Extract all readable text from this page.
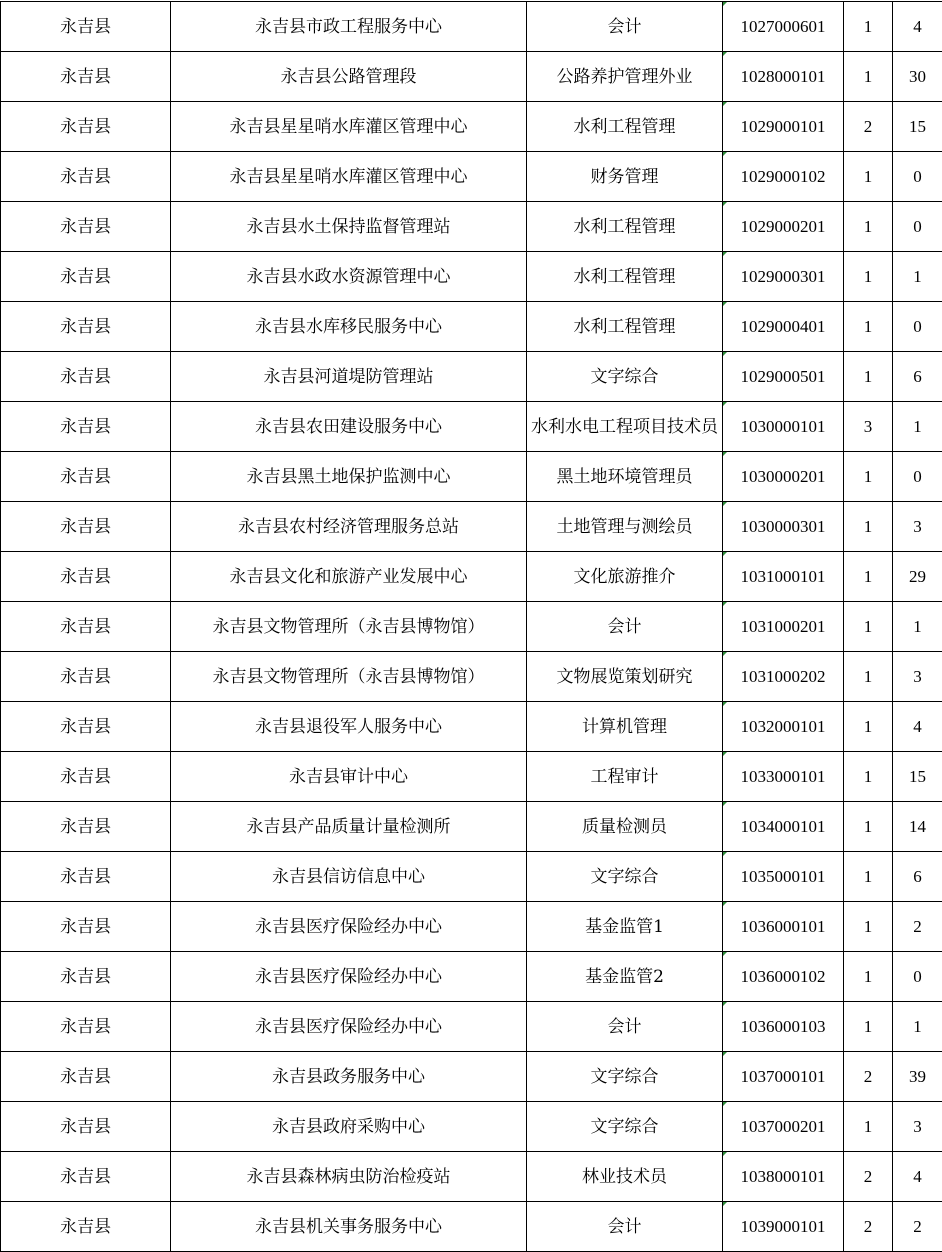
永吉县	永吉县市政工程服务中心	会计	1027000601	1	4
永吉县	永吉县公路管理段	公路养护管理外业	1028000101	1	30
永吉县	永吉县星星哨水库灌区管理中心	水利工程管理	1029000101	2	15
永吉县	永吉县星星哨水库灌区管理中心	财务管理	1029000102	1	0
永吉县	永吉县水土保持监督管理站	水利工程管理	1029000201	1	0
永吉县	永吉县水政水资源管理中心	水利工程管理	1029000301	1	1
永吉县	永吉县水库移民服务中心	水利工程管理	1029000401	1	0
永吉县	永吉县河道堤防管理站	文字综合	1029000501	1	6
永吉县	永吉县农田建设服务中心	水利水电工程项目技术员	1030000101	3	1
永吉县	永吉县黑土地保护监测中心	黑土地环境管理员	1030000201	1	0
永吉县	永吉县农村经济管理服务总站	土地管理与测绘员	1030000301	1	3
永吉县	永吉县文化和旅游产业发展中心	文化旅游推介	1031000101	1	29
永吉县	永吉县文物管理所（永吉县博物馆）	会计	1031000201	1	1
永吉县	永吉县文物管理所（永吉县博物馆）	文物展览策划研究	1031000202	1	3
永吉县	永吉县退役军人服务中心	计算机管理	1032000101	1	4
永吉县	永吉县审计中心	工程审计	1033000101	1	15
永吉县	永吉县产品质量计量检测所	质量检测员	1034000101	1	14
永吉县	永吉县信访信息中心	文字综合	1035000101	1	6
永吉县	永吉县医疗保险经办中心	基金监管1	1036000101	1	2
永吉县	永吉县医疗保险经办中心	基金监管2	1036000102	1	0
永吉县	永吉县医疗保险经办中心	会计	1036000103	1	1
永吉县	永吉县政务服务中心	文字综合	1037000101	2	39
永吉县	永吉县政府采购中心	文字综合	1037000201	1	3
永吉县	永吉县森林病虫防治检疫站	林业技术员	1038000101	2	4
永吉县	永吉县机关事务服务中心	会计	1039000101	2	2
